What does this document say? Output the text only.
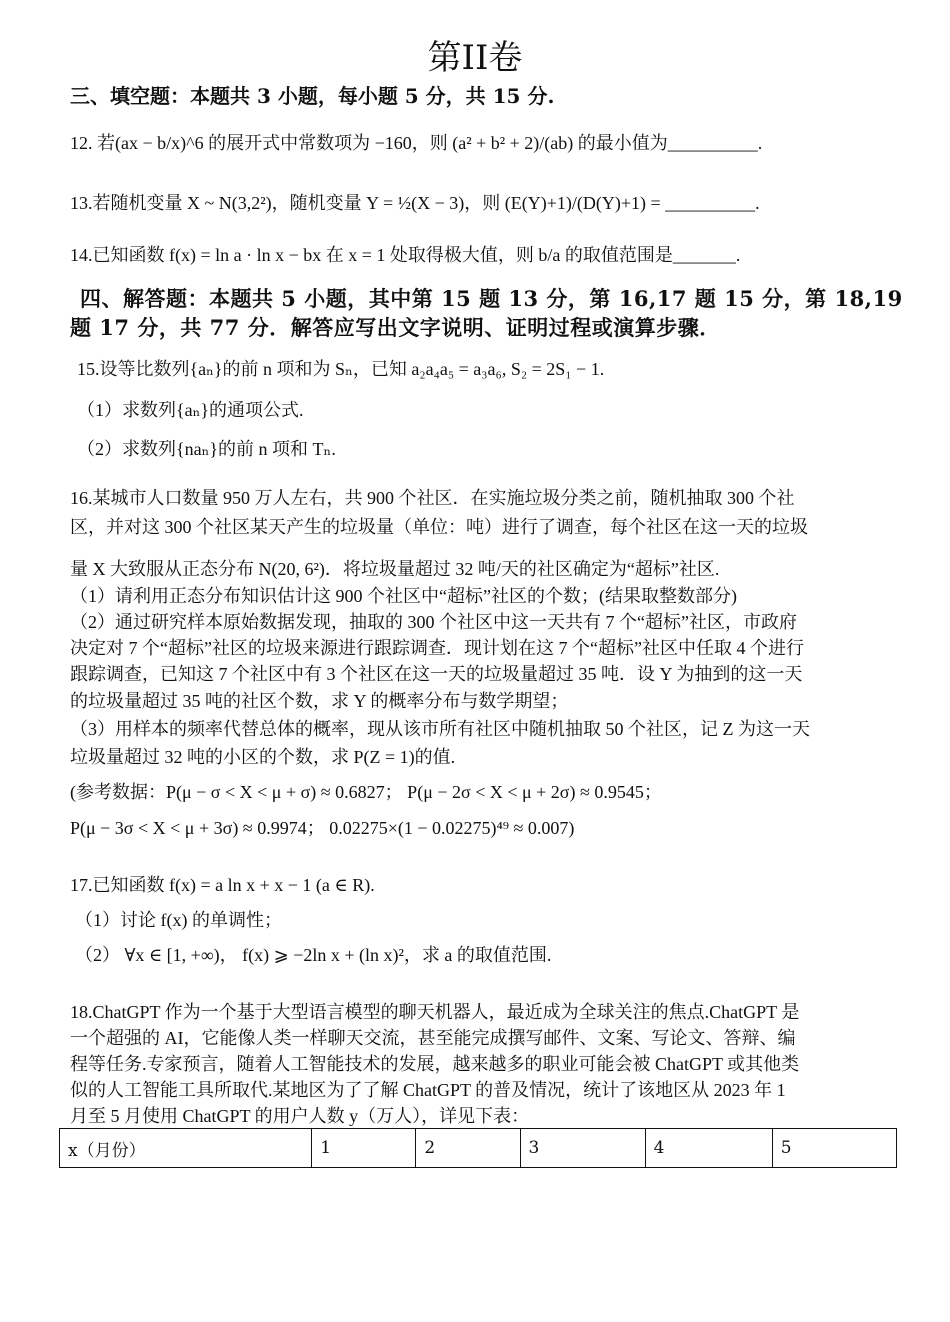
第II卷
三、填空题：本题共 3 小题，每小题 5 分，共 15 分.
12. 若(ax − b/x)^6 的展开式中常数项为 −160，则 (a² + b² + 2)/(ab) 的最小值为__________.
13.若随机变量 X ~ N(3,2²)，随机变量 Y = ½(X − 3)，则 (E(Y)+1)/(D(Y)+1) = __________.
14.已知函数 f(x) = ln a · ln x − bx 在 x = 1 处取得极大值，则 b/a 的取值范围是_______.
四、解答题：本题共 5 小题，其中第 15 题 13 分，第 16,17 题 15 分，第 18,19
题 17 分，共 77 分．解答应写出文字说明、证明过程或演算步骤．
15.设等比数列{aₙ}的前 n 项和为 Sₙ，已知 a₂a₄a₅ = a₃a₆, S₂ = 2S₁ − 1.
（1）求数列{aₙ}的通项公式.
（2）求数列{naₙ}的前 n 项和 Tₙ.
16.某城市人口数量 950 万人左右，共 900 个社区．在实施垃圾分类之前，随机抽取 300 个社
区，并对这 300 个社区某天产生的垃圾量（单位：吨）进行了调查，每个社区在这一天的垃圾
量 X 大致服从正态分布 N(20, 6²)．将垃圾量超过 32 吨/天的社区确定为“超标”社区.
（1）请利用正态分布知识估计这 900 个社区中“超标”社区的个数；(结果取整数部分)
（2）通过研究样本原始数据发现，抽取的 300 个社区中这一天共有 7 个“超标”社区，市政府
决定对 7 个“超标”社区的垃圾来源进行跟踪调查．现计划在这 7 个“超标”社区中任取 4 个进行
跟踪调查，已知这 7 个社区中有 3 个社区在这一天的垃圾量超过 35 吨．设 Y 为抽到的这一天
的垃圾量超过 35 吨的社区个数，求 Y 的概率分布与数学期望；
（3）用样本的频率代替总体的概率，现从该市所有社区中随机抽取 50 个社区，记 Z 为这一天
垃圾量超过 32 吨的小区的个数，求 P(Z = 1)的值.
(参考数据：P(μ − σ < X < μ + σ) ≈ 0.6827； P(μ − 2σ < X < μ + 2σ) ≈ 0.9545；
P(μ − 3σ < X < μ + 3σ) ≈ 0.9974； 0.02275×(1 − 0.02275)⁴⁹ ≈ 0.007)
17.已知函数 f(x) = a ln x + x − 1 (a ∈ R).
（1）讨论 f(x) 的单调性；
（2） ∀x ∈ [1, +∞)， f(x) ⩾ −2ln x + (ln x)²，求 a 的取值范围.
18.ChatGPT 作为一个基于大型语言模型的聊天机器人，最近成为全球关注的焦点.ChatGPT 是
一个超强的 AI，它能像人类一样聊天交流，甚至能完成撰写邮件、文案、写论文、答辩、编
程等任务.专家预言，随着人工智能技术的发展，越来越多的职业可能会被 ChatGPT 或其他类
似的人工智能工具所取代.某地区为了了解 ChatGPT 的普及情况，统计了该地区从 2023 年 1
月至 5 月使用 ChatGPT 的用户人数 y（万人），详见下表：
x（月份）	1	2	3	4	5
